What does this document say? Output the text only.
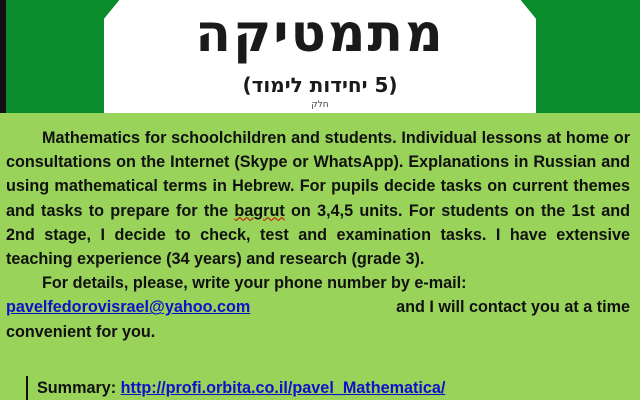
מתמטיקה
(5 יחידות לימוד)
חלק

Mathematics for schoolchildren and students. Individual lessons at home or consultations on the Internet (Skype or WhatsApp). Explanations in Russian and using mathematical terms in Hebrew. For pupils decide tasks on current themes and tasks to prepare for the bagrut on 3,4,5 units. For students on the 1st and 2nd stage, I decide to check, test and examination tasks. I have extensive teaching experience (34 years) and research (grade 3).

For details, please, write your phone number by e-mail:

pavelfedorovisrael@yahoo.com	and I will contact you at a time

convenient for you.

Summary: http://profi.orbita.co.il/pavel_Mathematica/
